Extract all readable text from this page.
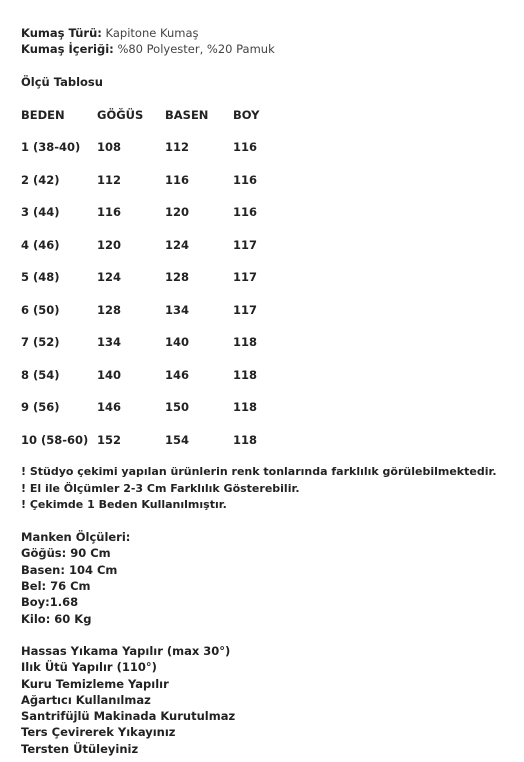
Kumaş Türü: Kapitone Kumaş
Kumaş İçeriği: %80 Polyester, %20 Pamuk
Ölçü Tablosu
BEDEN	GÖĞÜS BASEN BOY
1 (38-40) 108	112	116
2 (42)	112	116	116
3 (44)	116	120	116
4 (46)	120	124	117
5 (48)	124	128	117
6 (50)	128	134	117
7 (52)	134	140	118
8 (54)	140	146	118
9 (56)	146	150	118
10 (58-60) 152	154	118
! Stüdyo çekimi yapılan ürünlerin renk tonlarında farklılık görülebilmektedir.
! El ile Ölçümler 2-3 Cm Farklılık Gösterebilir.
! Çekimde 1 Beden Kullanılmıştır.
Manken Ölçüleri:
Göğüs: 90 Cm
Basen: 104 Cm
Bel: 76 Cm
Boy:1.68
Kilo: 60 Kg
Hassas Yıkama Yapılır (max 30°)
Ilık Ütü Yapılır (110°)
Kuru Temizleme Yapılır
Ağartıcı Kullanılmaz
Santrifüjlü Makinada Kurutulmaz
Ters Çevirerek Yıkayınız
Tersten Ütüleyiniz
